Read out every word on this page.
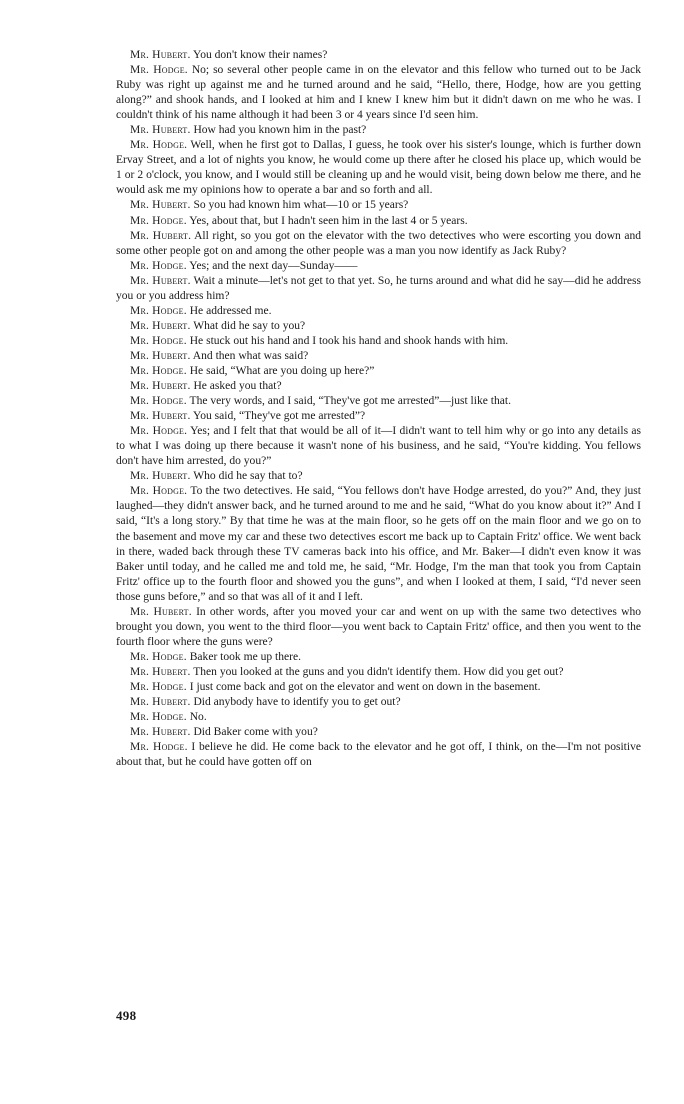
Mr. Hubert. You don't know their names?

Mr. Hodge. No; so several other people came in on the elevator and this fellow who turned out to be Jack Ruby was right up against me and he turned around and he said, “Hello, there, Hodge, how are you getting along?” and shook hands, and I looked at him and I knew I knew him but it didn't dawn on me who he was. I couldn't think of his name although it had been 3 or 4 years since I'd seen him.

Mr. Hubert. How had you known him in the past?

Mr. Hodge. Well, when he first got to Dallas, I guess, he took over his sister's lounge, which is further down Ervay Street, and a lot of nights you know, he would come up there after he closed his place up, which would be 1 or 2 o'clock, you know, and I would still be cleaning up and he would visit, being down below me there, and he would ask me my opinions how to operate a bar and so forth and all.

Mr. Hubert. So you had known him what—10 or 15 years?

Mr. Hodge. Yes, about that, but I hadn't seen him in the last 4 or 5 years.

Mr. Hubert. All right, so you got on the elevator with the two detectives who were escorting you down and some other people got on and among the other people was a man you now identify as Jack Ruby?

Mr. Hodge. Yes; and the next day—Sunday——

Mr. Hubert. Wait a minute—let's not get to that yet. So, he turns around and what did he say—did he address you or you address him?

Mr. Hodge. He addressed me.

Mr. Hubert. What did he say to you?

Mr. Hodge. He stuck out his hand and I took his hand and shook hands with him.

Mr. Hubert. And then what was said?

Mr. Hodge. He said, “What are you doing up here?”

Mr. Hubert. He asked you that?

Mr. Hodge. The very words, and I said, “They've got me arrested”—just like that.

Mr. Hubert. You said, “They've got me arrested”?

Mr. Hodge. Yes; and I felt that that would be all of it—I didn't want to tell him why or go into any details as to what I was doing up there because it wasn't none of his business, and he said, “You're kidding. You fellows don't have him arrested, do you?”

Mr. Hubert. Who did he say that to?

Mr. Hodge. To the two detectives. He said, “You fellows don't have Hodge arrested, do you?” And, they just laughed—they didn't answer back, and he turned around to me and he said, “What do you know about it?” And I said, “It's a long story.” By that time he was at the main floor, so he gets off on the main floor and we go on to the basement and move my car and these two detectives escort me back up to Captain Fritz' office. We went back in there, waded back through these TV cameras back into his office, and Mr. Baker—I didn't even know it was Baker until today, and he called me and told me, he said, “Mr. Hodge, I'm the man that took you from Captain Fritz' office up to the fourth floor and showed you the guns”, and when I looked at them, I said, “I'd never seen those guns before,” and so that was all of it and I left.

Mr. Hubert. In other words, after you moved your car and went on up with the same two detectives who brought you down, you went to the third floor—you went back to Captain Fritz' office, and then you went to the fourth floor where the guns were?

Mr. Hodge. Baker took me up there.

Mr. Hubert. Then you looked at the guns and you didn't identify them. How did you get out?

Mr. Hodge. I just come back and got on the elevator and went on down in the basement.

Mr. Hubert. Did anybody have to identify you to get out?

Mr. Hodge. No.

Mr. Hubert. Did Baker come with you?

Mr. Hodge. I believe he did. He come back to the elevator and he got off, I think, on the—I'm not positive about that, but he could have gotten off on

498
